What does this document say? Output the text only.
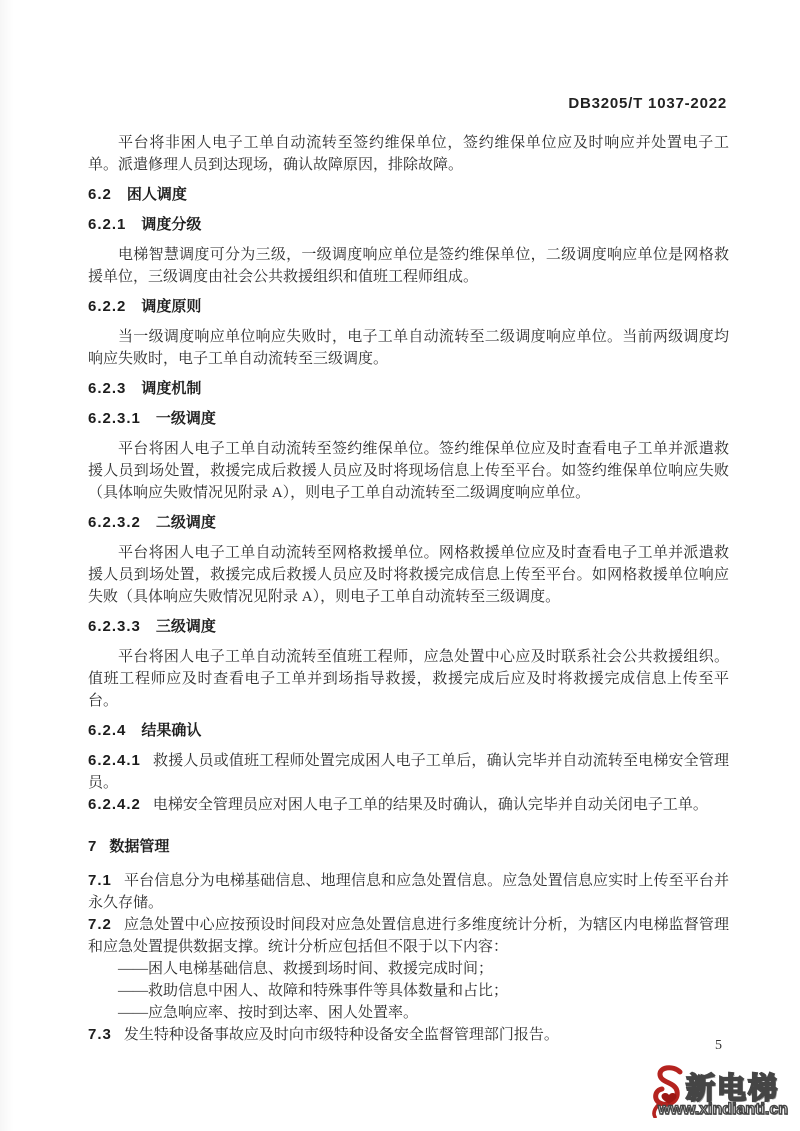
DB3205/T 1037-2022

平台将非困人电子工单自动流转至签约维保单位，签约维保单位应及时响应并处置电子工单。派遣修理人员到达现场，确认故障原因，排除故障。

6.2 困人调度

6.2.1 调度分级

电梯智慧调度可分为三级，一级调度响应单位是签约维保单位，二级调度响应单位是网格救援单位，三级调度由社会公共救援组织和值班工程师组成。

6.2.2 调度原则

当一级调度响应单位响应失败时，电子工单自动流转至二级调度响应单位。当前两级调度均响应失败时，电子工单自动流转至三级调度。

6.2.3 调度机制

6.2.3.1 一级调度

平台将困人电子工单自动流转至签约维保单位。签约维保单位应及时查看电子工单并派遣救援人员到场处置，救援完成后救援人员应及时将现场信息上传至平台。如签约维保单位响应失败（具体响应失败情况见附录 A），则电子工单自动流转至二级调度响应单位。

6.2.3.2 二级调度

平台将困人电子工单自动流转至网格救援单位。网格救援单位应及时查看电子工单并派遣救援人员到场处置，救援完成后救援人员应及时将救援完成信息上传至平台。如网格救援单位响应失败（具体响应失败情况见附录 A），则电子工单自动流转至三级调度。

6.2.3.3 三级调度

平台将困人电子工单自动流转至值班工程师，应急处置中心应及时联系社会公共救援组织。值班工程师应及时查看电子工单并到场指导救援，救援完成后应及时将救援完成信息上传至平台。

6.2.4 结果确认

6.2.4.1 救援人员或值班工程师处置完成困人电子工单后，确认完毕并自动流转至电梯安全管理员。

6.2.4.2 电梯安全管理员应对困人电子工单的结果及时确认，确认完毕并自动关闭电子工单。

7 数据管理

7.1 平台信息分为电梯基础信息、地理信息和应急处置信息。应急处置信息应实时上传至平台并永久存储。

7.2 应急处置中心应按预设时间段对应急处置信息进行多维度统计分析，为辖区内电梯监督管理和应急处置提供数据支撑。统计分析应包括但不限于以下内容：

——困人电梯基础信息、救援到场时间、救援完成时间；

——救助信息中困人、故障和特殊事件等具体数量和占比；

——应急响应率、按时到达率、困人处置率。

7.3 发生特种设备事故应及时向市级特种设备安全监督管理部门报告。

5
新电梯
www.xindianti.cn
